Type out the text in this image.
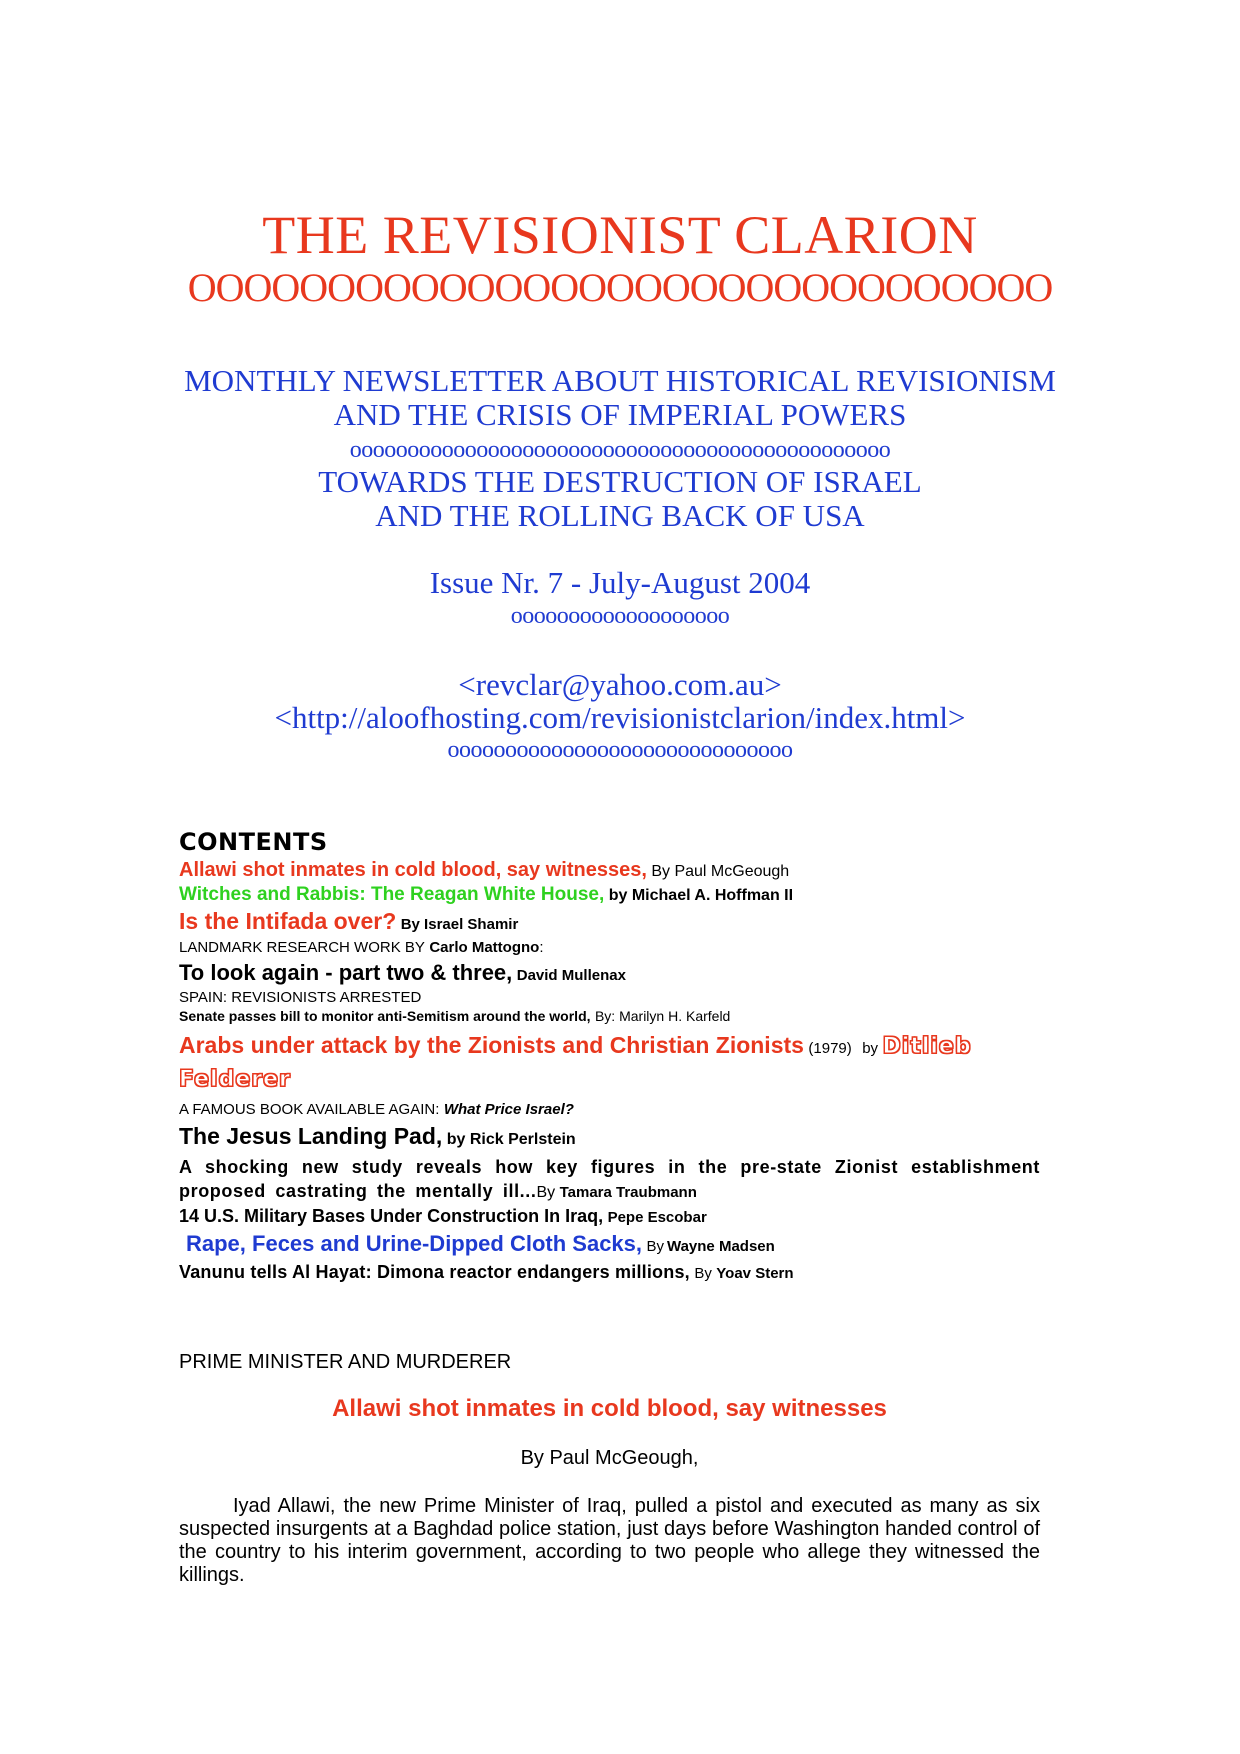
THE REVISIONIST CLARION
OOOOOOOOOOOOOOOOOOOOOOOOOOOOOOO
MONTHLY NEWSLETTER ABOUT HISTORICAL REVISIONISM
AND THE CRISIS OF IMPERIAL POWERS
ooooooooooooooooooooooooooooooooooooooooooooooo
TOWARDS THE DESTRUCTION OF ISRAEL
AND THE ROLLING BACK OF USA
Issue Nr. 7 - July-August 2004
ooooooooooooooooooo
<revclar@yahoo.com.au>
<http://aloofhosting.com/revisionistclarion/index.html>
oooooooooooooooooooooooooooooo
CONTENTS
Allawi shot inmates in cold blood, say witnesses, By Paul McGeough
Witches and Rabbis: The Reagan White House, by Michael A. Hoffman II
Is the Intifada over? By Israel Shamir
LANDMARK RESEARCH WORK BY Carlo Mattogno:
To look again - part two & three, David Mullenax
SPAIN: REVISIONISTS ARRESTED
Senate passes bill to monitor anti-Semitism around the world, By: Marilyn H. Karfeld
Arabs under attack by the Zionists and Christian Zionists (1979) by Ditlieb
Felderer
A FAMOUS BOOK AVAILABLE AGAIN: What Price Israel?
The Jesus Landing Pad, by Rick Perlstein
A shocking new study reveals how key figures in the pre-state Zionist establishment proposed castrating the mentally ill...By Tamara Traubmann
14 U.S. Military Bases Under Construction In Iraq, Pepe Escobar
Rape, Feces and Urine-Dipped Cloth Sacks, By Wayne Madsen
Vanunu tells Al Hayat: Dimona reactor endangers millions, By Yoav Stern
PRIME MINISTER AND MURDERER
Allawi shot inmates in cold blood, say witnesses
By Paul McGeough,
Iyad Allawi, the new Prime Minister of Iraq, pulled a pistol and executed as many as six suspected insurgents at a Baghdad police station, just days before Washington handed control of the country to his interim government, according to two people who allege they witnessed the killings.
